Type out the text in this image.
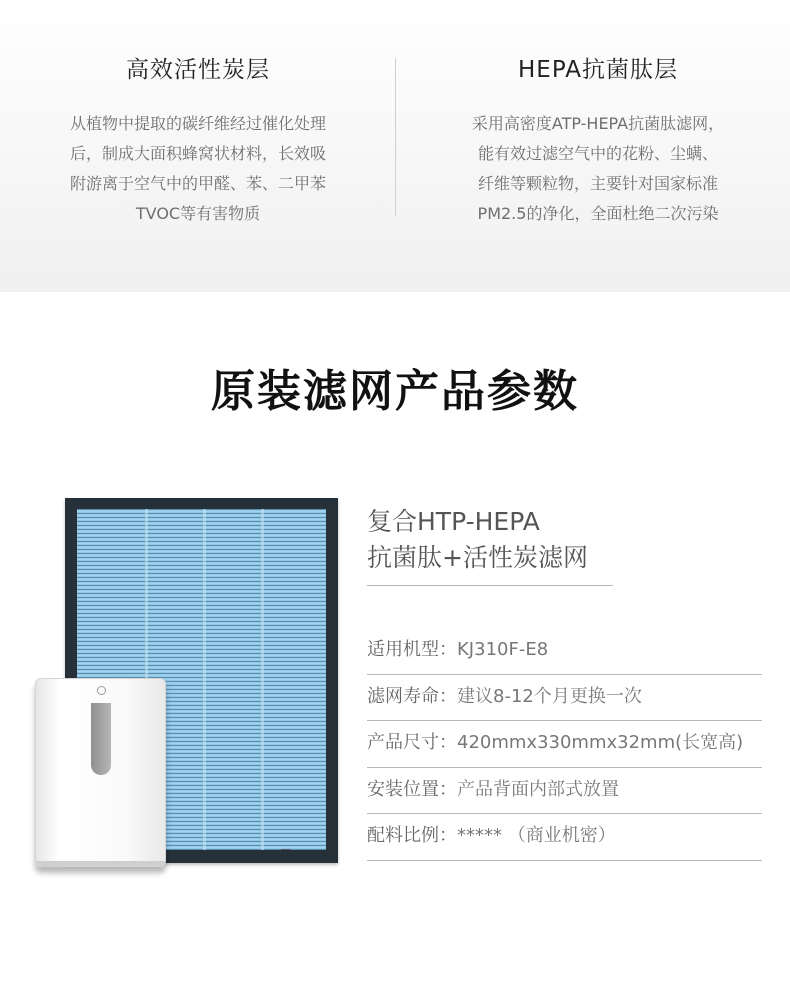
高效活性炭层
从植物中提取的碳纤维经过催化处理
后，制成大面积蜂窝状材料，长效吸
附游离于空气中的甲醛、苯、二甲苯
TVOC等有害物质
HEPA抗菌肽层
采用高密度ATP-HEPA抗菌肽滤网，
能有效过滤空气中的花粉、尘螨、
纤维等颗粒物，主要针对国家标准
PM2.5的净化，全面杜绝二次污染
原装滤网产品参数
复合HTP-HEPA
抗菌肽+活性炭滤网
适用机型：KJ310F-E8
滤网寿命：建议8-12个月更换一次
产品尺寸：420mmx330mmx32mm(长宽高)
安装位置：产品背面内部式放置
配料比例：***** （商业机密）
